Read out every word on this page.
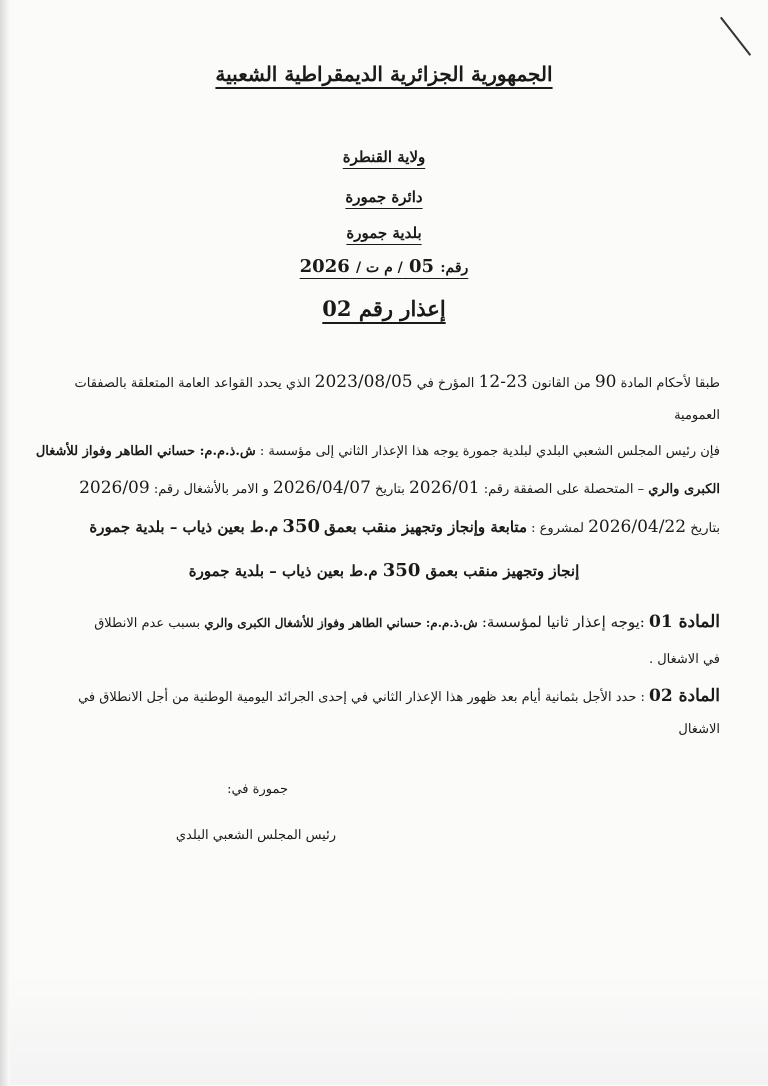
الجمهورية الجزائرية الديمقراطية الشعبية
ولاية القنطرة
دائرة جمورة
بلدية جمورة
رقم: 05 / م ت / 2026
إعذار رقم 02
طبقا لأحكام المادة 90 من القانون 23-12 المؤرخ في 2023/08/05 الذي يحدد القواعد العامة المتعلقة بالصفقات
العمومية
فإن رئيس المجلس الشعبي البلدي لبلدية جمورة يوجه هذا الإعذار الثاني إلى مؤسسة : ش.ذ.م.م: حساني الطاهر وفواز للأشغال
الكبرى والري – المتحصلة على الصفقة رقم: 2026/01 بتاريخ 2026/04/07 و الامر بالأشغال رقم: 2026/09
بتاريخ 2026/04/22 لمشروع : متابعة وإنجاز وتجهيز منقب بعمق 350 م.ط بعين ذياب – بلدية جمورة
إنجاز وتجهيز منقب بعمق 350 م.ط بعين ذياب – بلدية جمورة
المادة 01 :يوجه إعذار ثانيا لمؤسسة: ش.ذ.م.م: حساني الطاهر وفواز للأشغال الكبرى والري بسبب عدم الانطلاق
في الاشغال .
المادة 02 : حدد الأجل بثمانية أيام بعد ظهور هذا الإعذار الثاني في إحدى الجرائد اليومية الوطنية من أجل الانطلاق في
الاشغال
جمورة في:
رئيس المجلس الشعبي البلدي
